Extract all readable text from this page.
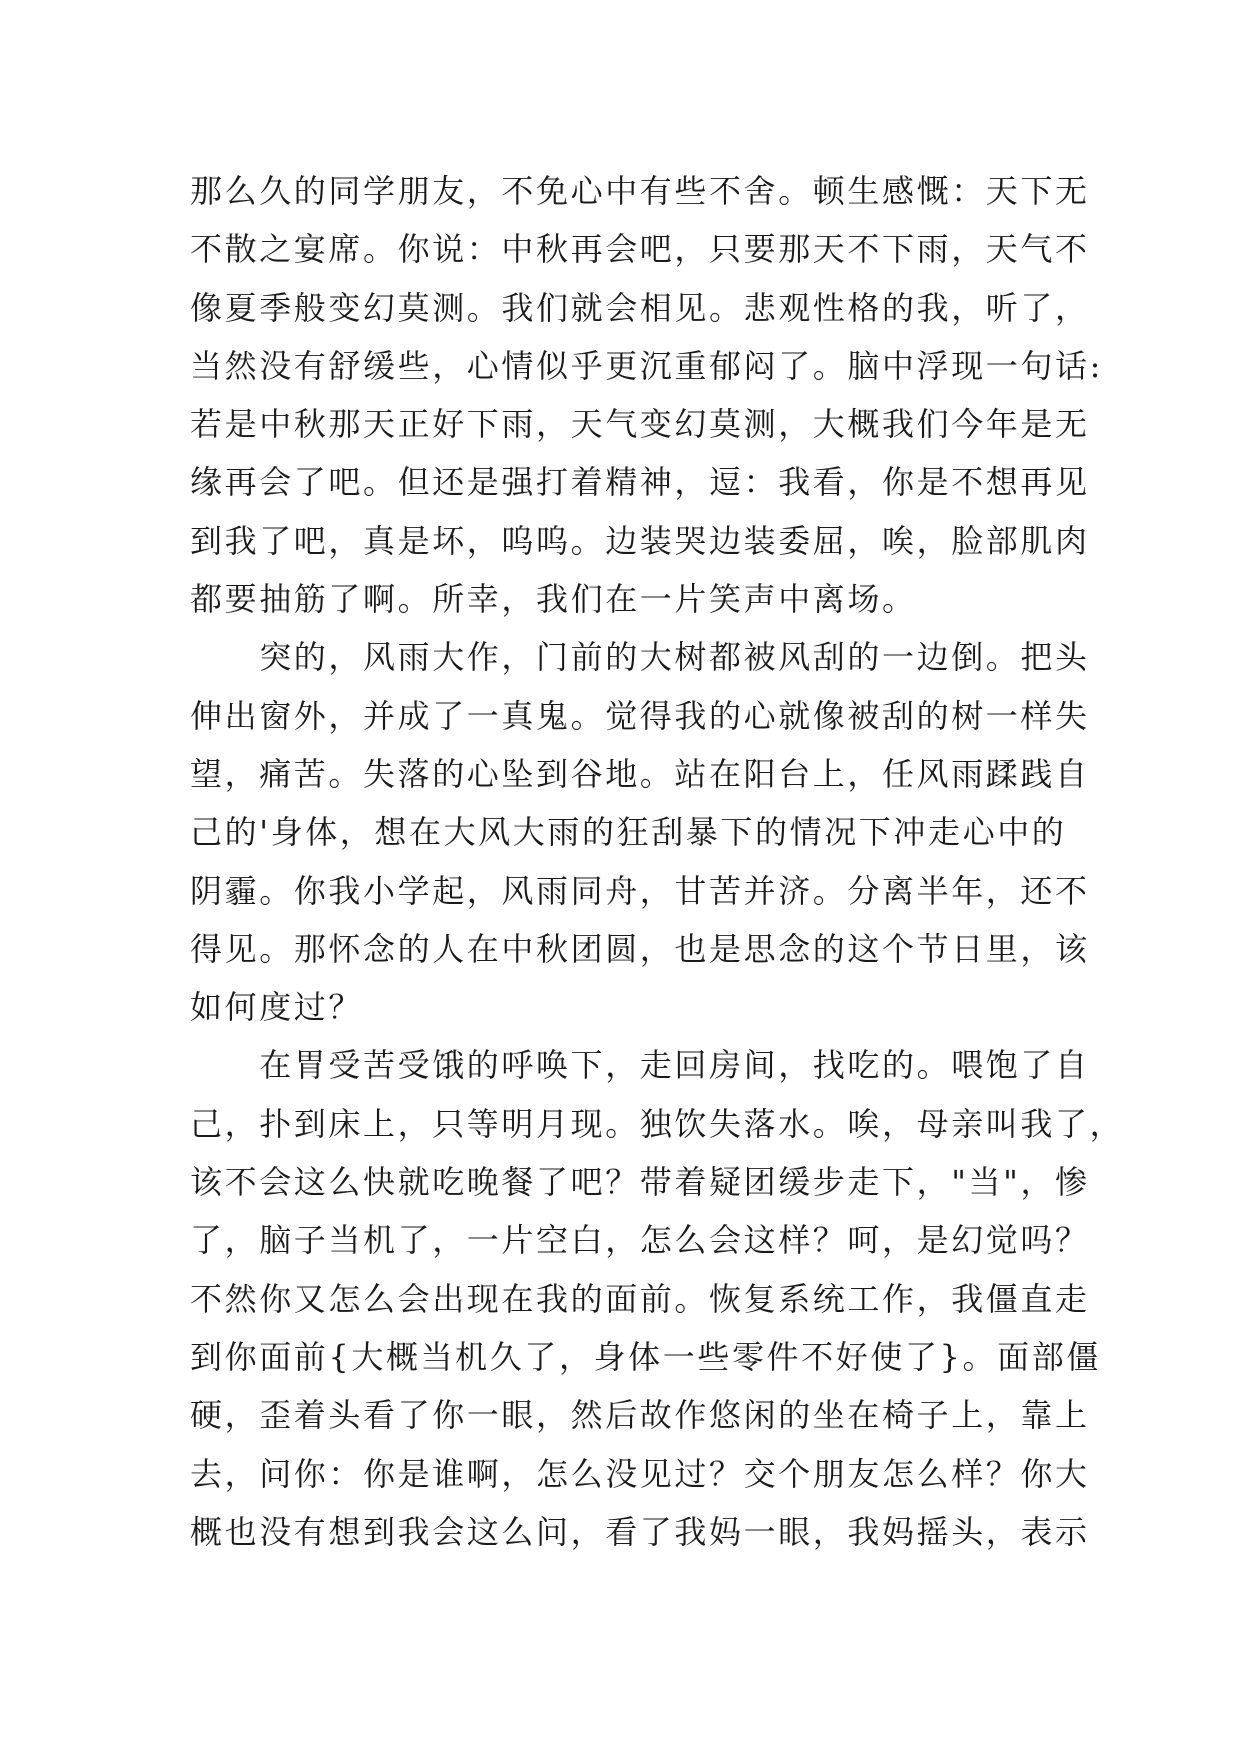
那么久的同学朋友，不免心中有些不舍。顿生感慨：天下无
不散之宴席。你说：中秋再会吧，只要那天不下雨，天气不
像夏季般变幻莫测。我们就会相见。悲观性格的我，听了，
当然没有舒缓些，心情似乎更沉重郁闷了。脑中浮现一句话:
若是中秋那天正好下雨，天气变幻莫测，大概我们今年是无
缘再会了吧。但还是强打着精神，逗：我看，你是不想再见
到我了吧，真是坏，呜呜。边装哭边装委屈，唉，脸部肌肉
都要抽筋了啊。所幸，我们在一片笑声中离场。
　　突的，风雨大作，门前的大树都被风刮的一边倒。把头
伸出窗外，并成了一真鬼。觉得我的心就像被刮的树一样失
望，痛苦。失落的心坠到谷地。站在阳台上，任风雨蹂践自
己的'身体，想在大风大雨的狂刮暴下的情况下冲走心中的
阴霾。你我小学起，风雨同舟，甘苦并济。分离半年，还不
得见。那怀念的人在中秋团圆，也是思念的这个节日里，该
如何度过？
　　在胃受苦受饿的呼唤下，走回房间，找吃的。喂饱了自
己，扑到床上，只等明月现。独饮失落水。唉，母亲叫我了，
该不会这么快就吃晚餐了吧？带着疑团缓步走下，"当"，惨
了，脑子当机了，一片空白，怎么会这样？呵，是幻觉吗？
不然你又怎么会出现在我的面前。恢复系统工作，我僵直走
到你面前{大概当机久了，身体一些零件不好使了}。面部僵
硬，歪着头看了你一眼，然后故作悠闲的坐在椅子上，靠上
去，问你：你是谁啊，怎么没见过？交个朋友怎么样？你大
概也没有想到我会这么问，看了我妈一眼，我妈摇头，表示
